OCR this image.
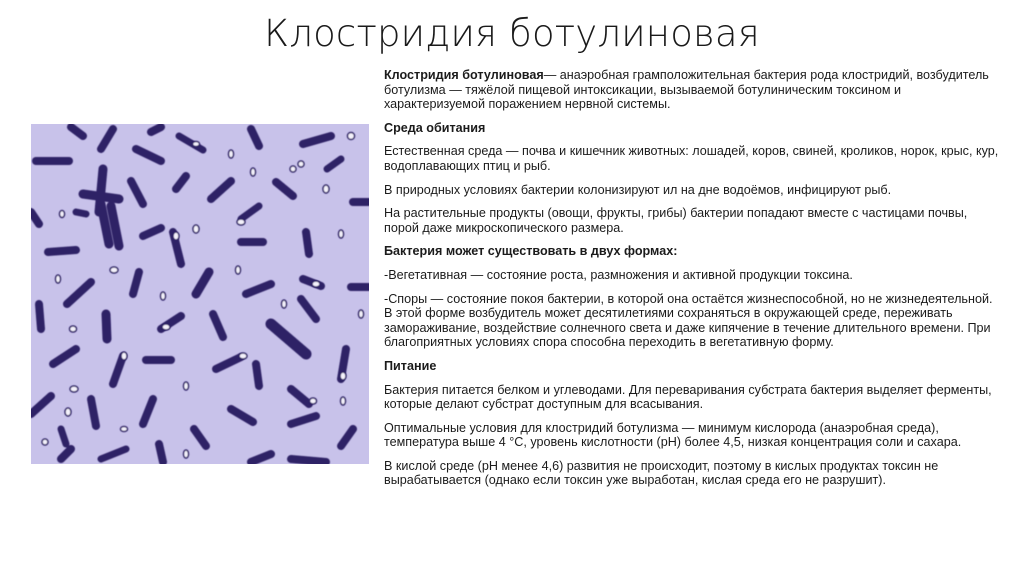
Клостридия ботулиновая

Клостридия ботулиновая— анаэробная грамположительная бактерия рода клостридий, возбудитель ботулизма — тяжёлой пищевой интоксикации, вызываемой ботулиническим токсином и характеризуемой поражением нервной системы.

Среда обитания

Естественная среда — почва и кишечник животных: лошадей, коров, свиней, кроликов, норок, крыс, кур, водоплавающих птиц и рыб.

В природных условиях бактерии колонизируют ил на дне водоёмов, инфицируют рыб.

На растительные продукты (овощи, фрукты, грибы) бактерии попадают вместе с частицами почвы, порой даже микроскопического размера.

Бактерия может существовать в двух формах:

-Вегетативная — состояние роста, размножения и активной продукции токсина.

-Споры — состояние покоя бактерии, в которой она остаётся жизнеспособной, но не жизнедеятельной. В этой форме возбудитель может десятилетиями сохраняться в окружающей среде, переживать замораживание, воздействие солнечного света и даже кипячение в течение длительного времени. При благоприятных условиях спора способна переходить в вегетативную форму.

Питание

Бактерия питается белком и углеводами. Для переваривания субстрата бактерия выделяет ферменты, которые делают субстрат доступным для всасывания.

Оптимальные условия для клостридий ботулизма — минимум кислорода (анаэробная среда), температура выше 4 °С, уровень кислотности (pH) более 4,5, низкая концентрация соли и сахара.

В кислой среде (pH менее 4,6) развития не происходит, поэтому в кислых продуктах токсин не вырабатывается (однако если токсин уже выработан, кислая среда его не разрушит).
